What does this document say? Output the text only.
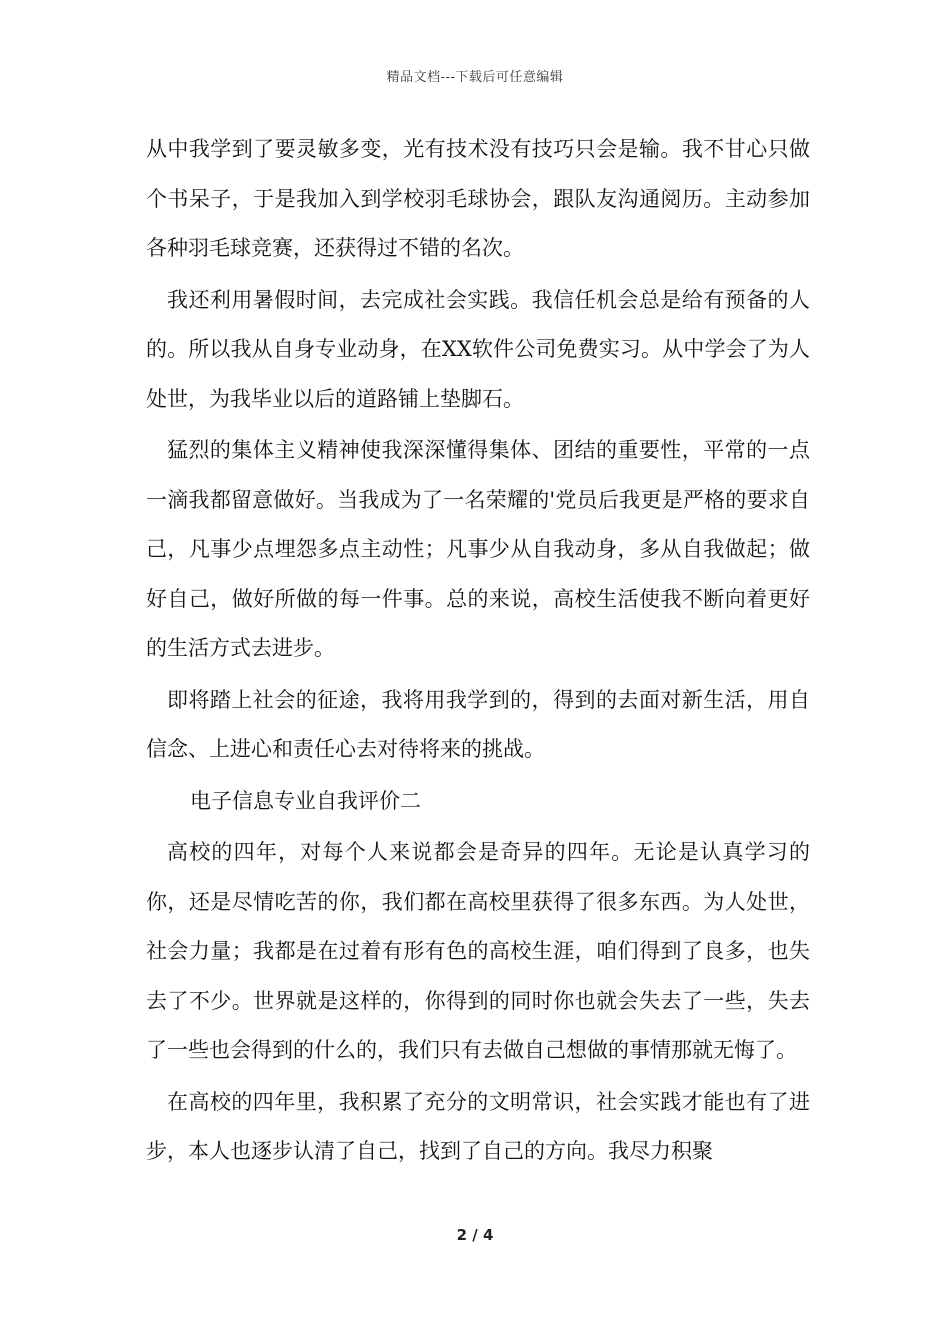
精品文档---下载后可任意编辑

从中我学到了要灵敏多变，光有技术没有技巧只会是输。我不甘心只做个书呆子，于是我加入到学校羽毛球协会，跟队友沟通阅历。主动参加各种羽毛球竞赛，还获得过不错的名次。

我还利用暑假时间，去完成社会实践。我信任机会总是给有预备的人的。所以我从自身专业动身，在XX软件公司免费实习。从中学会了为人处世，为我毕业以后的道路铺上垫脚石。

猛烈的集体主义精神使我深深懂得集体、团结的重要性，平常的一点一滴我都留意做好。当我成为了一名荣耀的'党员后我更是严格的要求自己，凡事少点埋怨多点主动性；凡事少从自我动身，多从自我做起；做好自己，做好所做的每一件事。总的来说，高校生活使我不断向着更好的生活方式去进步。

即将踏上社会的征途，我将用我学到的，得到的去面对新生活，用自信念、上进心和责任心去对待将来的挑战。

电子信息专业自我评价二

高校的四年，对每个人来说都会是奇异的四年。无论是认真学习的你，还是尽情吃苦的你，我们都在高校里获得了很多东西。为人处世，社会力量；我都是在过着有形有色的高校生涯，咱们得到了良多，也失去了不少。世界就是这样的，你得到的同时你也就会失去了一些，失去了一些也会得到的什么的，我们只有去做自己想做的事情那就无悔了。

在高校的四年里，我积累了充分的文明常识，社会实践才能也有了进步，本人也逐步认清了自己，找到了自己的方向。我尽力积聚

2 / 4
